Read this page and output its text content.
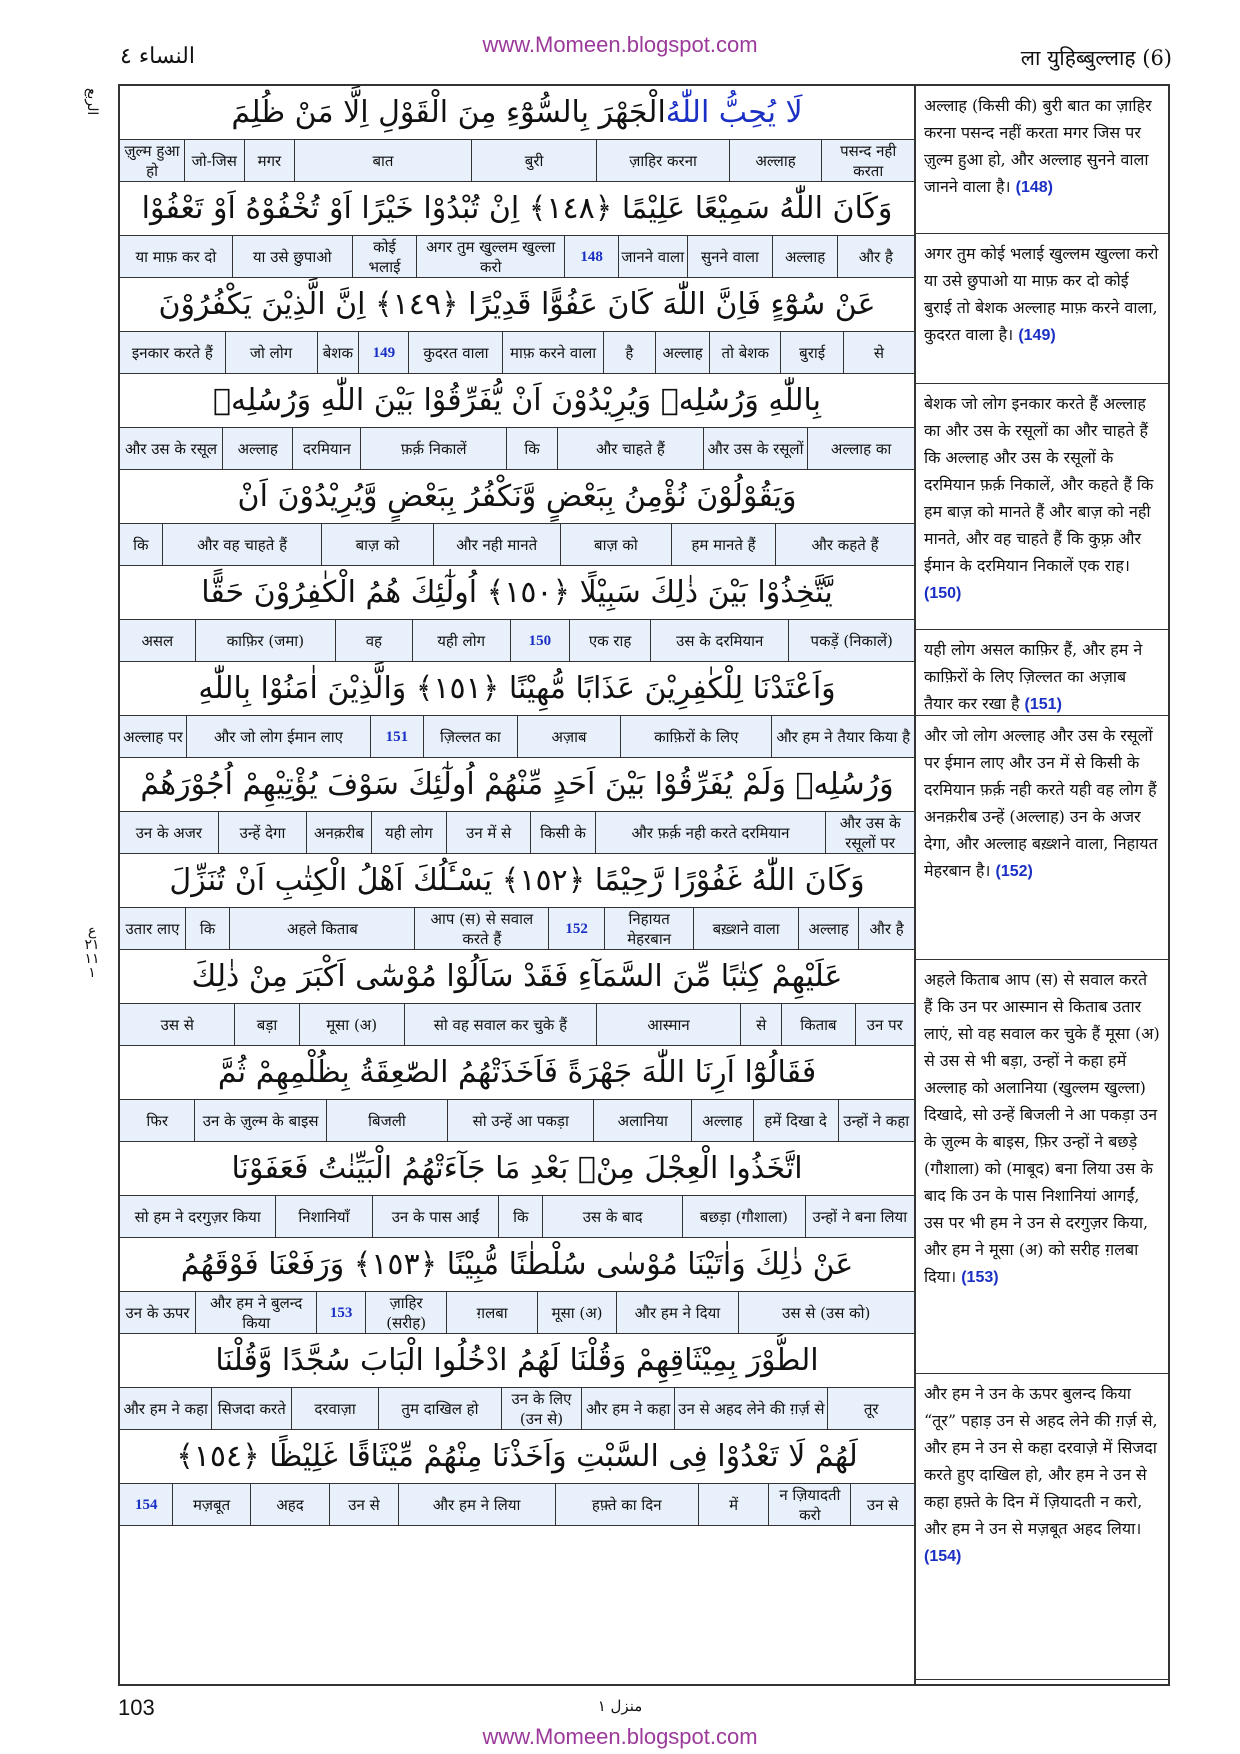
www.Momeen.blogspot.com
النساء ٤	ला युहिब्बुल्लाह (6)
الربع
ع
٢١
١١
١
لَا يُحِبُّ اللّٰهُ
الْجَهْرَ بِالسُّوْٓءِ مِنَ الْقَوْلِ اِلَّا مَنْ ظُلِمَ
पसन्द नही करता
अल्लाह
ज़ाहिर करना
बुरी
बात
मगर
जो-जिस
ज़ुल्म हुआ हो
وَكَانَ اللّٰهُ سَمِيْعًا عَلِيْمًا ﴿١٤٨﴾ اِنْ تُبْدُوْا خَيْرًا اَوْ تُخْفُوْهُ اَوْ تَعْفُوْا
और है
अल्लाह
सुनने वाला
जानने वाला
148
अगर तुम खुल्लम खुल्ला करो
कोई भलाई
या उसे छुपाओ
या माफ़ कर दो
عَنْ سُوْٓءٍ فَاِنَّ اللّٰهَ كَانَ عَفُوًّا قَدِيْرًا ﴿١٤٩﴾ اِنَّ الَّذِيْنَ يَكْفُرُوْنَ
से
बुराई
तो बेशक
अल्लाह
है
माफ़ करने वाला
कुदरत वाला
149
बेशक
जो लोग
इनकार करते हैं
بِاللّٰهِ وَرُسُلِهٖ وَيُرِيْدُوْنَ اَنْ يُّفَرِّقُوْا بَيْنَ اللّٰهِ وَرُسُلِهٖ
अल्लाह का
और उस के रसूलों
और चाहते हैं
कि
फ़र्क़ निकालें
दरमियान
अल्लाह
और उस के रसूल
وَيَقُوْلُوْنَ نُؤْمِنُ بِبَعْضٍ وَّنَكْفُرُ بِبَعْضٍ وَّيُرِيْدُوْنَ اَنْ
और कहते हैं
हम मानते हैं
बाज़ को
और नही मानते
बाज़ को
और वह चाहते हैं
कि
يَّتَّخِذُوْا بَيْنَ ذٰلِكَ سَبِيْلًا ﴿١٥٠﴾ اُولٰٓئِكَ هُمُ الْكٰفِرُوْنَ حَقًّا
पकड़ें (निकालें)
उस के दरमियान
एक राह
150
यही लोग
वह
काफ़िर (जमा)
असल
وَاَعْتَدْنَا لِلْكٰفِرِيْنَ عَذَابًا مُّهِيْنًا ﴿١٥١﴾ وَالَّذِيْنَ اٰمَنُوْا بِاللّٰهِ
और हम ने तैयार किया है
काफ़िरों के लिए
अज़ाब
ज़िल्लत का
151
और जो लोग ईमान लाए
अल्लाह पर
وَرُسُلِهٖ وَلَمْ يُفَرِّقُوْا بَيْنَ اَحَدٍ مِّنْهُمْ اُولٰٓئِكَ سَوْفَ يُؤْتِيْهِمْ اُجُوْرَهُمْ
और उस के रसूलों पर
और फ़र्क़ नही करते दरमियान
किसी के
उन में से
यही लोग
अनक़रीब
उन्हें देगा
उन के अजर
وَكَانَ اللّٰهُ غَفُوْرًا رَّحِيْمًا ﴿١٥٢﴾ يَسْـَٔلُكَ اَهْلُ الْكِتٰبِ اَنْ تُنَزِّلَ
और है
अल्लाह
बख़्शने वाला
निहायत मेहरबान
152
आप (स) से सवाल करते हैं
अहले किताब
कि
उतार लाए
عَلَيْهِمْ كِتٰبًا مِّنَ السَّمَآءِ فَقَدْ سَاَلُوْا مُوْسٰٓى اَكْبَرَ مِنْ ذٰلِكَ
उन पर
किताब
से
आस्मान
सो वह सवाल कर चुके हैं
मूसा (अ)
बड़ा
उस से
فَقَالُوْٓا اَرِنَا اللّٰهَ جَهْرَةً فَاَخَذَتْهُمُ الصّٰعِقَةُ بِظُلْمِهِمْ ثُمَّ
उन्हों ने कहा
हमें दिखा दे
अल्लाह
अलानिया
सो उन्हें आ पकड़ा
बिजली
उन के ज़ुल्म के बाइस
फिर
اتَّخَذُوا الْعِجْلَ مِنْۢ بَعْدِ مَا جَآءَتْهُمُ الْبَيِّنٰتُ فَعَفَوْنَا
उन्हों ने बना लिया
बछड़ा (गौशाला)
उस के बाद
कि
उन के पास आईं
निशानियाँ
सो हम ने दरगुज़र किया
عَنْ ذٰلِكَ وَاٰتَيْنَا مُوْسٰى سُلْطٰنًا مُّبِيْنًا ﴿١٥٣﴾ وَرَفَعْنَا فَوْقَهُمُ
उस से (उस को)
और हम ने दिया
मूसा (अ)
ग़लबा
ज़ाहिर (सरीह)
153
और हम ने बुलन्द किया
उन के ऊपर
الطُّوْرَ بِمِيْثَاقِهِمْ وَقُلْنَا لَهُمُ ادْخُلُوا الْبَابَ سُجَّدًا وَّقُلْنَا
तूर
उन से अहद लेने की ग़र्ज़ से
और हम ने कहा
उन के लिए (उन से)
तुम दाखिल हो
दरवाज़ा
सिजदा करते
और हम ने कहा
لَهُمْ لَا تَعْدُوْا فِى السَّبْتِ وَاَخَذْنَا مِنْهُمْ مِّيْثَاقًا غَلِيْظًا ﴿١٥٤﴾
उन से
न ज़ियादती करो
में
हफ़्ते का दिन
और हम ने लिया
उन से
अहद
मज़बूत
154
अल्लाह (किसी की) बुरी बात का ज़ाहिर करना पसन्द नहीं करता मगर जिस पर ज़ुल्म हुआ हो, और अल्लाह सुनने वाला जानने वाला है। (148)
अगर तुम कोई भलाई खुल्लम खुल्ला करो या उसे छुपाओ या माफ़ कर दो कोई बुराई तो बेशक अल्लाह माफ़ करने वाला, कुदरत वाला है। (149)
बेशक जो लोग इनकार करते हैं अल्लाह का और उस के रसूलों का और चाहते हैं कि अल्लाह और उस के रसूलों के दरमियान फ़र्क़ निकालें, और कहते हैं कि हम बाज़ को मानते हैं और बाज़ को नही मानते, और वह चाहते हैं कि कुफ़्र और ईमान के दरमियान निकालें एक राह। (150)
यही लोग असल काफ़िर हैं, और हम ने काफ़िरों के लिए ज़िल्लत का अज़ाब तैयार कर रखा है (151)
और जो लोग अल्लाह और उस के रसूलों पर ईमान लाए और उन में से किसी के दरमियान फ़र्क़ नही करते यही वह लोग हैं अनक़रीब उन्हें (अल्लाह) उन के अजर देगा, और अल्लाह बख़्शने वाला, निहायत मेहरबान है। (152)
अहले किताब आप (स) से सवाल करते हैं कि उन पर आस्मान से किताब उतार लाएं, सो वह सवाल कर चुके हैं मूसा (अ) से उस से भी बड़ा, उन्हों ने कहा हमें अल्लाह को अलानिया (खुल्लम खुल्ला) दिखादे, सो उन्हें बिजली ने आ पकड़ा उन के ज़ुल्म के बाइस, फ़िर उन्हों ने बछड़े (गौशाला) को (माबूद) बना लिया उस के बाद कि उन के पास निशानियां आगईं, उस पर भी हम ने उन से दरगुज़र किया, और हम ने मूसा (अ) को सरीह ग़लबा दिया। (153)
और हम ने उन के ऊपर बुलन्द किया “तूर” पहाड़ उन से अहद लेने की ग़र्ज़ से, और हम ने उन से कहा दरवाज़े में सिजदा करते हुए दाखिल हो, और हम ने उन से कहा हफ़्ते के दिन में ज़ियादती न करो, और हम ने उन से मज़बूत अहद लिया। (154)
103	منزل ١
www.Momeen.blogspot.com
